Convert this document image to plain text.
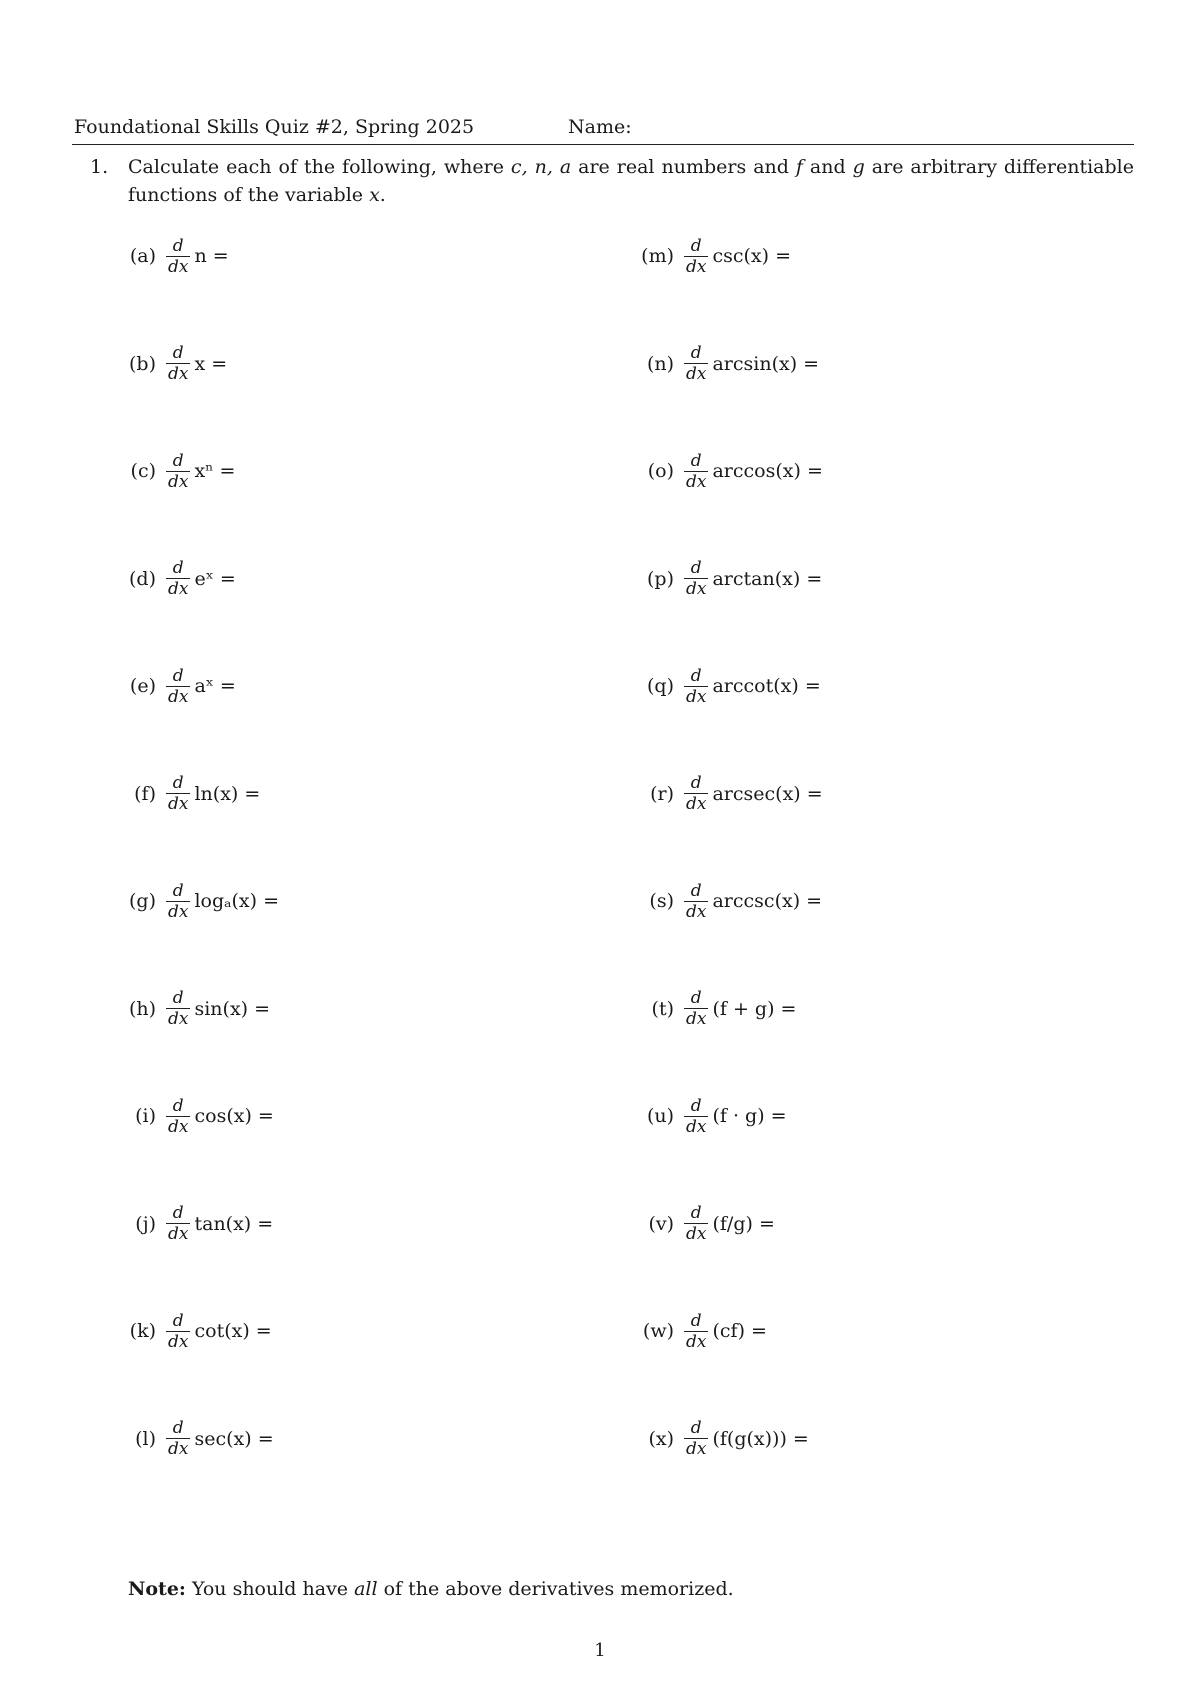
Foundational Skills Quiz #2, Spring 2025	Name:
1. Calculate each of the following, where c, n, a are real numbers and f and g are arbitrary differentiable functions of the variable x.
$(a) \frac{d}{dx}$ n =
$(b) \frac{d}{dx}$ x =
$(c) \frac{d}{dx}$ xⁿ =
$(d) \frac{d}{dx}$ eˣ =
$(e) \frac{d}{dx}$ aˣ =
$(f) \frac{d}{dx} \ln(x)$ =
$(g) \frac{d}{dx} \log_a(x)$ =
$(h) \frac{d}{dx} \sin(x)$ =
$(i) \frac{d}{dx} \cos(x)$ =
$(j) \frac{d}{dx} \tan(x)$ =
$(k) \frac{d}{dx} \cot(x)$ =
$(l) \frac{d}{dx} \sec(x)$ =
$(m) \frac{d}{dx} \csc(x)$ =
$(n) \frac{d}{dx} \arcsin(x)$ =
$(o) \frac{d}{dx} \arccos(x)$ =
$(p) \frac{d}{dx} \arctan(x)$ =
$(q) \frac{d}{dx} arccot(x)$ =
$(r) \frac{d}{dx} arcsec(x)$ =
$(s) \frac{d}{dx} arccsc(x)$ =
$(t) \frac{d}{dx} (f + g)$ =
$(u) \frac{d}{dx} (f \cdot g)$ =
$(v) \frac{d}{dx} (f/g)$ =
$(w) \frac{d}{dx} (cf)$ =
$(x) \frac{d}{dx} (f(g(x)))$ =
Note: You should have all of the above derivatives memorized.
1
